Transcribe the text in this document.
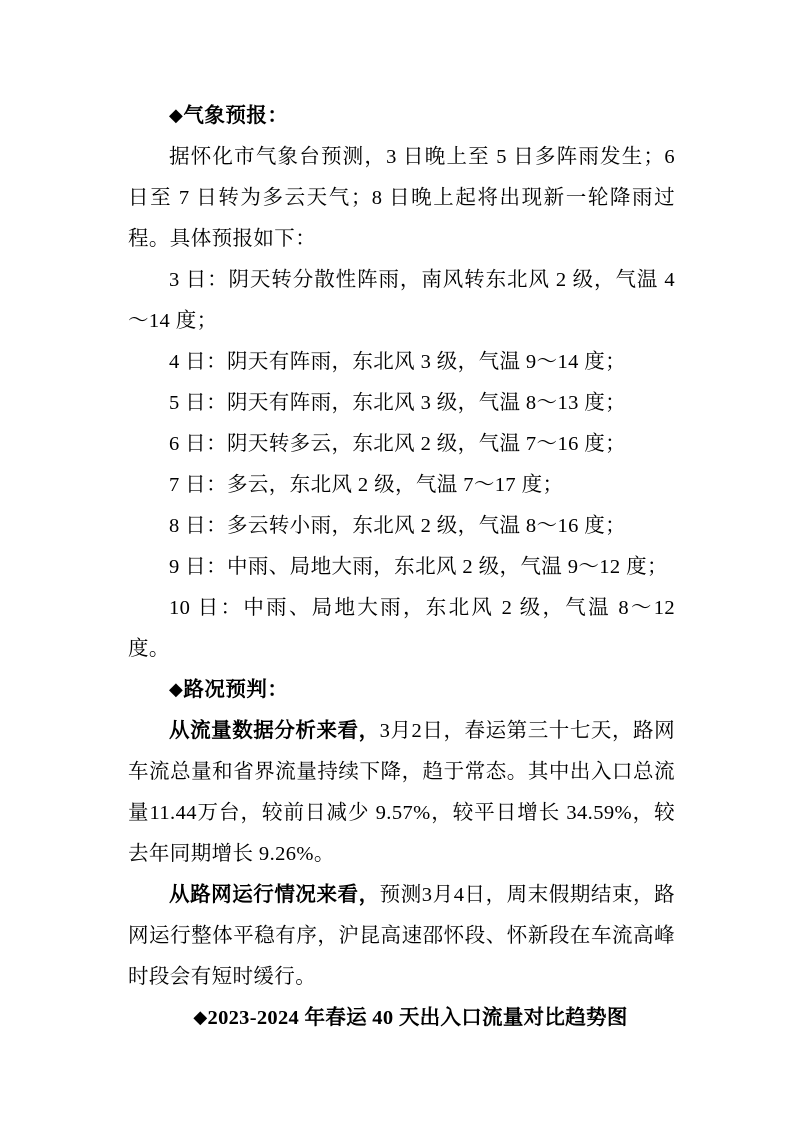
◆气象预报：

据怀化市气象台预测，3 日晚上至 5 日多阵雨发生；6 日至 7 日转为多云天气；8 日晚上起将出现新一轮降雨过程。具体预报如下：

3 日：阴天转分散性阵雨，南风转东北风 2 级，气温 4～14 度；

4 日：阴天有阵雨，东北风 3 级，气温 9～14 度；

5 日：阴天有阵雨，东北风 3 级，气温 8～13 度；

6 日：阴天转多云，东北风 2 级，气温 7～16 度；

7 日：多云，东北风 2 级，气温 7～17 度；

8 日：多云转小雨，东北风 2 级，气温 8～16 度；

9 日：中雨、局地大雨，东北风 2 级，气温 9～12 度；

10 日：中雨、局地大雨，东北风 2 级，气温 8～12 度。

◆路况预判：

从流量数据分析来看，3月2日，春运第三十七天，路网车流总量和省界流量持续下降，趋于常态。其中出入口总流量11.44万台，较前日减少 9.57%，较平日增长 34.59%，较去年同期增长 9.26%。

从路网运行情况来看，预测3月4日，周末假期结束，路网运行整体平稳有序，沪昆高速邵怀段、怀新段在车流高峰时段会有短时缓行。

◆2023-2024 年春运 40 天出入口流量对比趋势图
